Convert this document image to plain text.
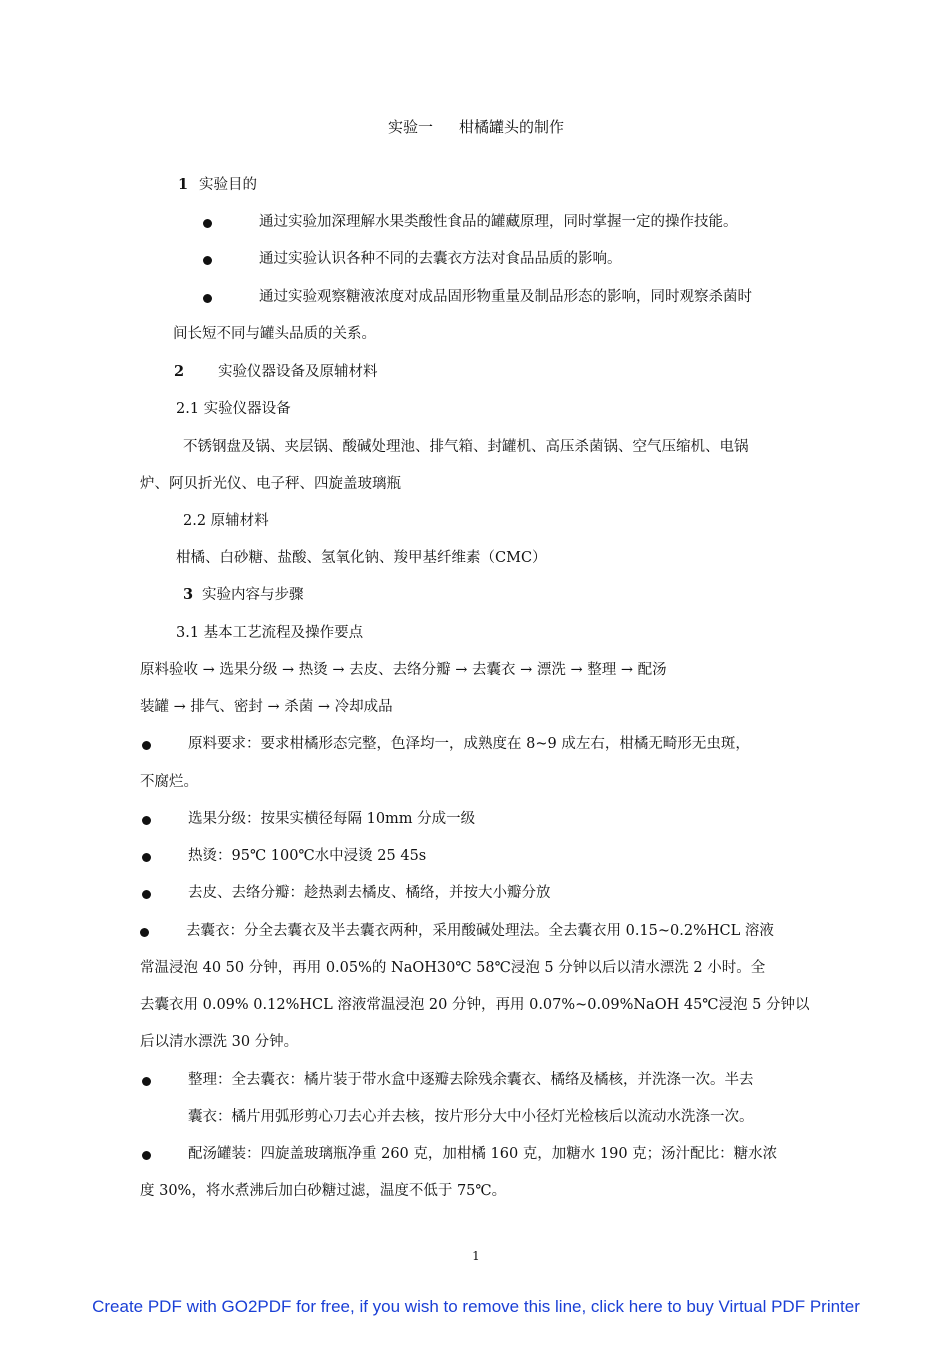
实验一 柑橘罐头的制作
1 实验目的
通过实验加深理解水果类酸性食品的罐藏原理，同时掌握一定的操作技能。
通过实验认识各种不同的去囊衣方法对食品品质的影响。
通过实验观察糖液浓度对成品固形物重量及制品形态的影响，同时观察杀菌时
间长短不同与罐头品质的关系。
2 实验仪器设备及原辅材料
2.1 实验仪器设备
不锈钢盘及锅、夹层锅、酸碱处理池、排气箱、封罐机、高压杀菌锅、空气压缩机、电锅
炉、阿贝折光仪、电子秤、四旋盖玻璃瓶
2.2 原辅材料
柑橘、白砂糖、盐酸、氢氧化钠、羧甲基纤维素（CMC）
3 实验内容与步骤
3.1 基本工艺流程及操作要点
原料验收 → 选果分级 → 热烫 → 去皮、去络分瓣 → 去囊衣 → 漂洗 → 整理 → 配汤
装罐 → 排气、密封 → 杀菌 → 冷却成品
原料要求：要求柑橘形态完整，色泽均一，成熟度在 8~9 成左右，柑橘无畸形无虫斑，
不腐烂。
选果分级：按果实横径每隔 10mm 分成一级
热烫：95℃ 100℃水中浸烫 25 45s
去皮、去络分瓣：趁热剥去橘皮、橘络，并按大小瓣分放
去囊衣：分全去囊衣及半去囊衣两种，采用酸碱处理法。全去囊衣用 0.15~0.2%HCL 溶液
常温浸泡 40 50 分钟，再用 0.05%的 NaOH30℃ 58℃浸泡 5 分钟以后以清水漂洗 2 小时。全
去囊衣用 0.09% 0.12%HCL 溶液常温浸泡 20 分钟，再用 0.07%~0.09%NaOH 45℃浸泡 5 分钟以
后以清水漂洗 30 分钟。
整理：全去囊衣：橘片装于带水盒中逐瓣去除残余囊衣、橘络及橘核，并洗涤一次。半去
囊衣：橘片用弧形剪心刀去心并去核，按片形分大中小径灯光检核后以流动水洗涤一次。
配汤罐装：四旋盖玻璃瓶净重 260 克，加柑橘 160 克，加糖水 190 克；汤汁配比：糖水浓
度 30%，将水煮沸后加白砂糖过滤，温度不低于 75℃。
1
Create PDF with GO2PDF for free, if you wish to remove this line, click here to buy Virtual PDF Printer
